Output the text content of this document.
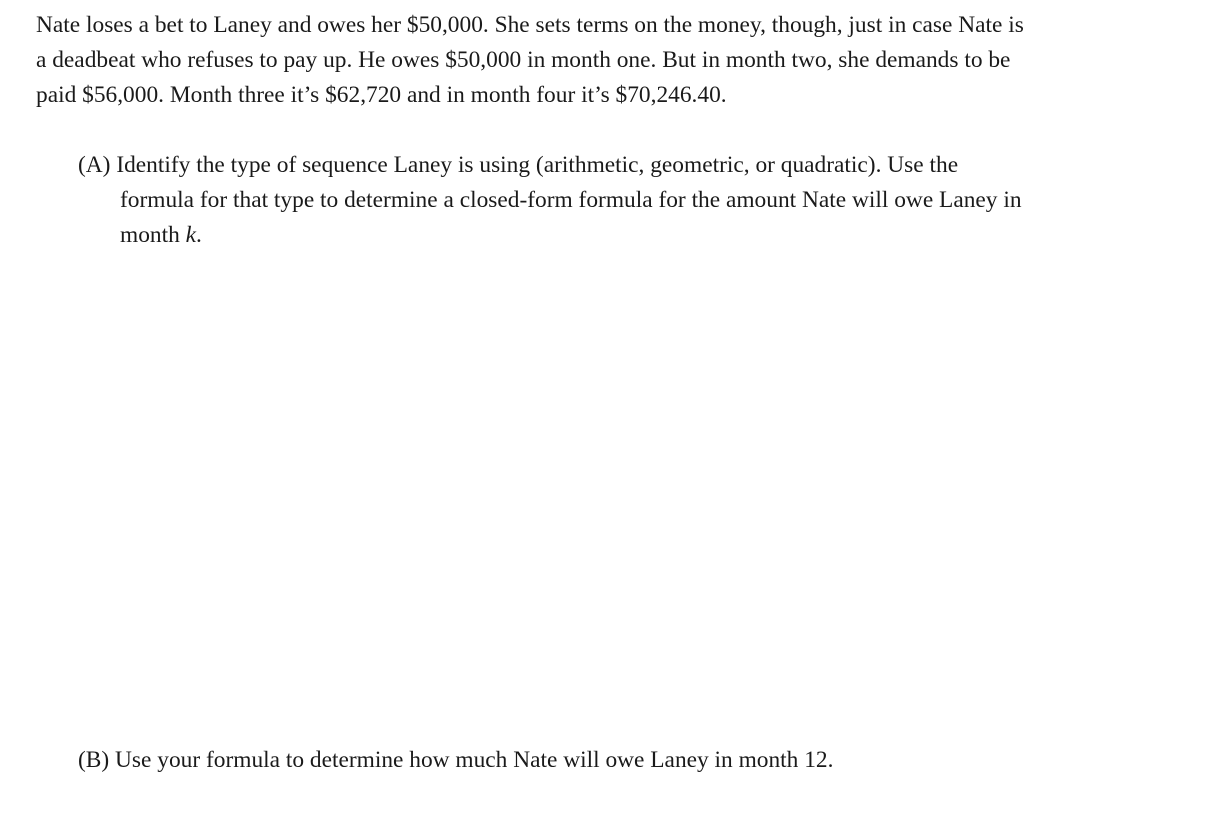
Nate loses a bet to Laney and owes her $50,000. She sets terms on the money, though, just in case Nate is
a deadbeat who refuses to pay up. He owes $50,000 in month one. But in month two, she demands to be
paid $56,000. Month three it’s $62,720 and in month four it’s $70,246.40.

(A) Identify the type of sequence Laney is using (arithmetic, geometric, or quadratic). Use the
formula for that type to determine a closed-form formula for the amount Nate will owe Laney in
month k.

(B) Use your formula to determine how much Nate will owe Laney in month 12.
